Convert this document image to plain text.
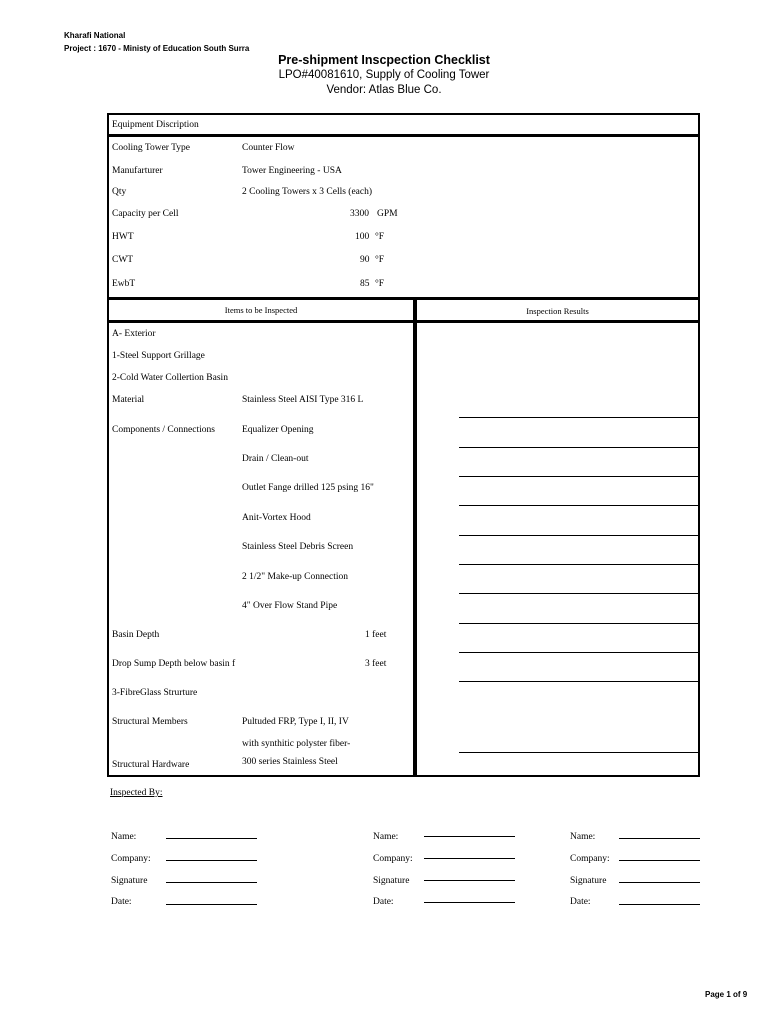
Kharafi National
Project : 1670 - Ministy of Education South Surra
Pre-shipment Inscpection Checklist
LPO#40081610, Supply of Cooling Tower
Vendor: Atlas Blue Co.
Equipment Discription
Cooling Tower Type	Counter Flow
Manufarturer	Tower Engineering - USA
Qty	2 Cooling Towers x 3 Cells (each)
Capacity per Cell	3300 GPM
HWT	100 °F
CWT	90 °F
EwbT	85 °F
Items to be Inspected	Inspection Results
A- Exterior
1-Steel Support Grillage
2-Cold Water Collertion Basin
Material	Stainless Steel AISI Type 316 L
Components / Connections	Equalizer Opening
Drain / Clean-out
Outlet Fange drilled 125 psing 16"
Anit-Vortex Hood
Stainless Steel Debris Screen
2 1/2" Make-up Connection
4" Over Flow Stand Pipe
Basin Depth	1 feet
Drop Sump Depth below basin f	3 feet
3-FibreGlass Strurture
Structural Members	Pultuded FRP, Type I, II, IV
with synthitic polyster fiber-
Structural Hardware	300 series Stainless Steel
Inspected By:
Name:
Company:
Signature
Date:
Name:
Company:
Signature
Date:
Name:
Company:
Signature
Date:
Page 1 of 9
